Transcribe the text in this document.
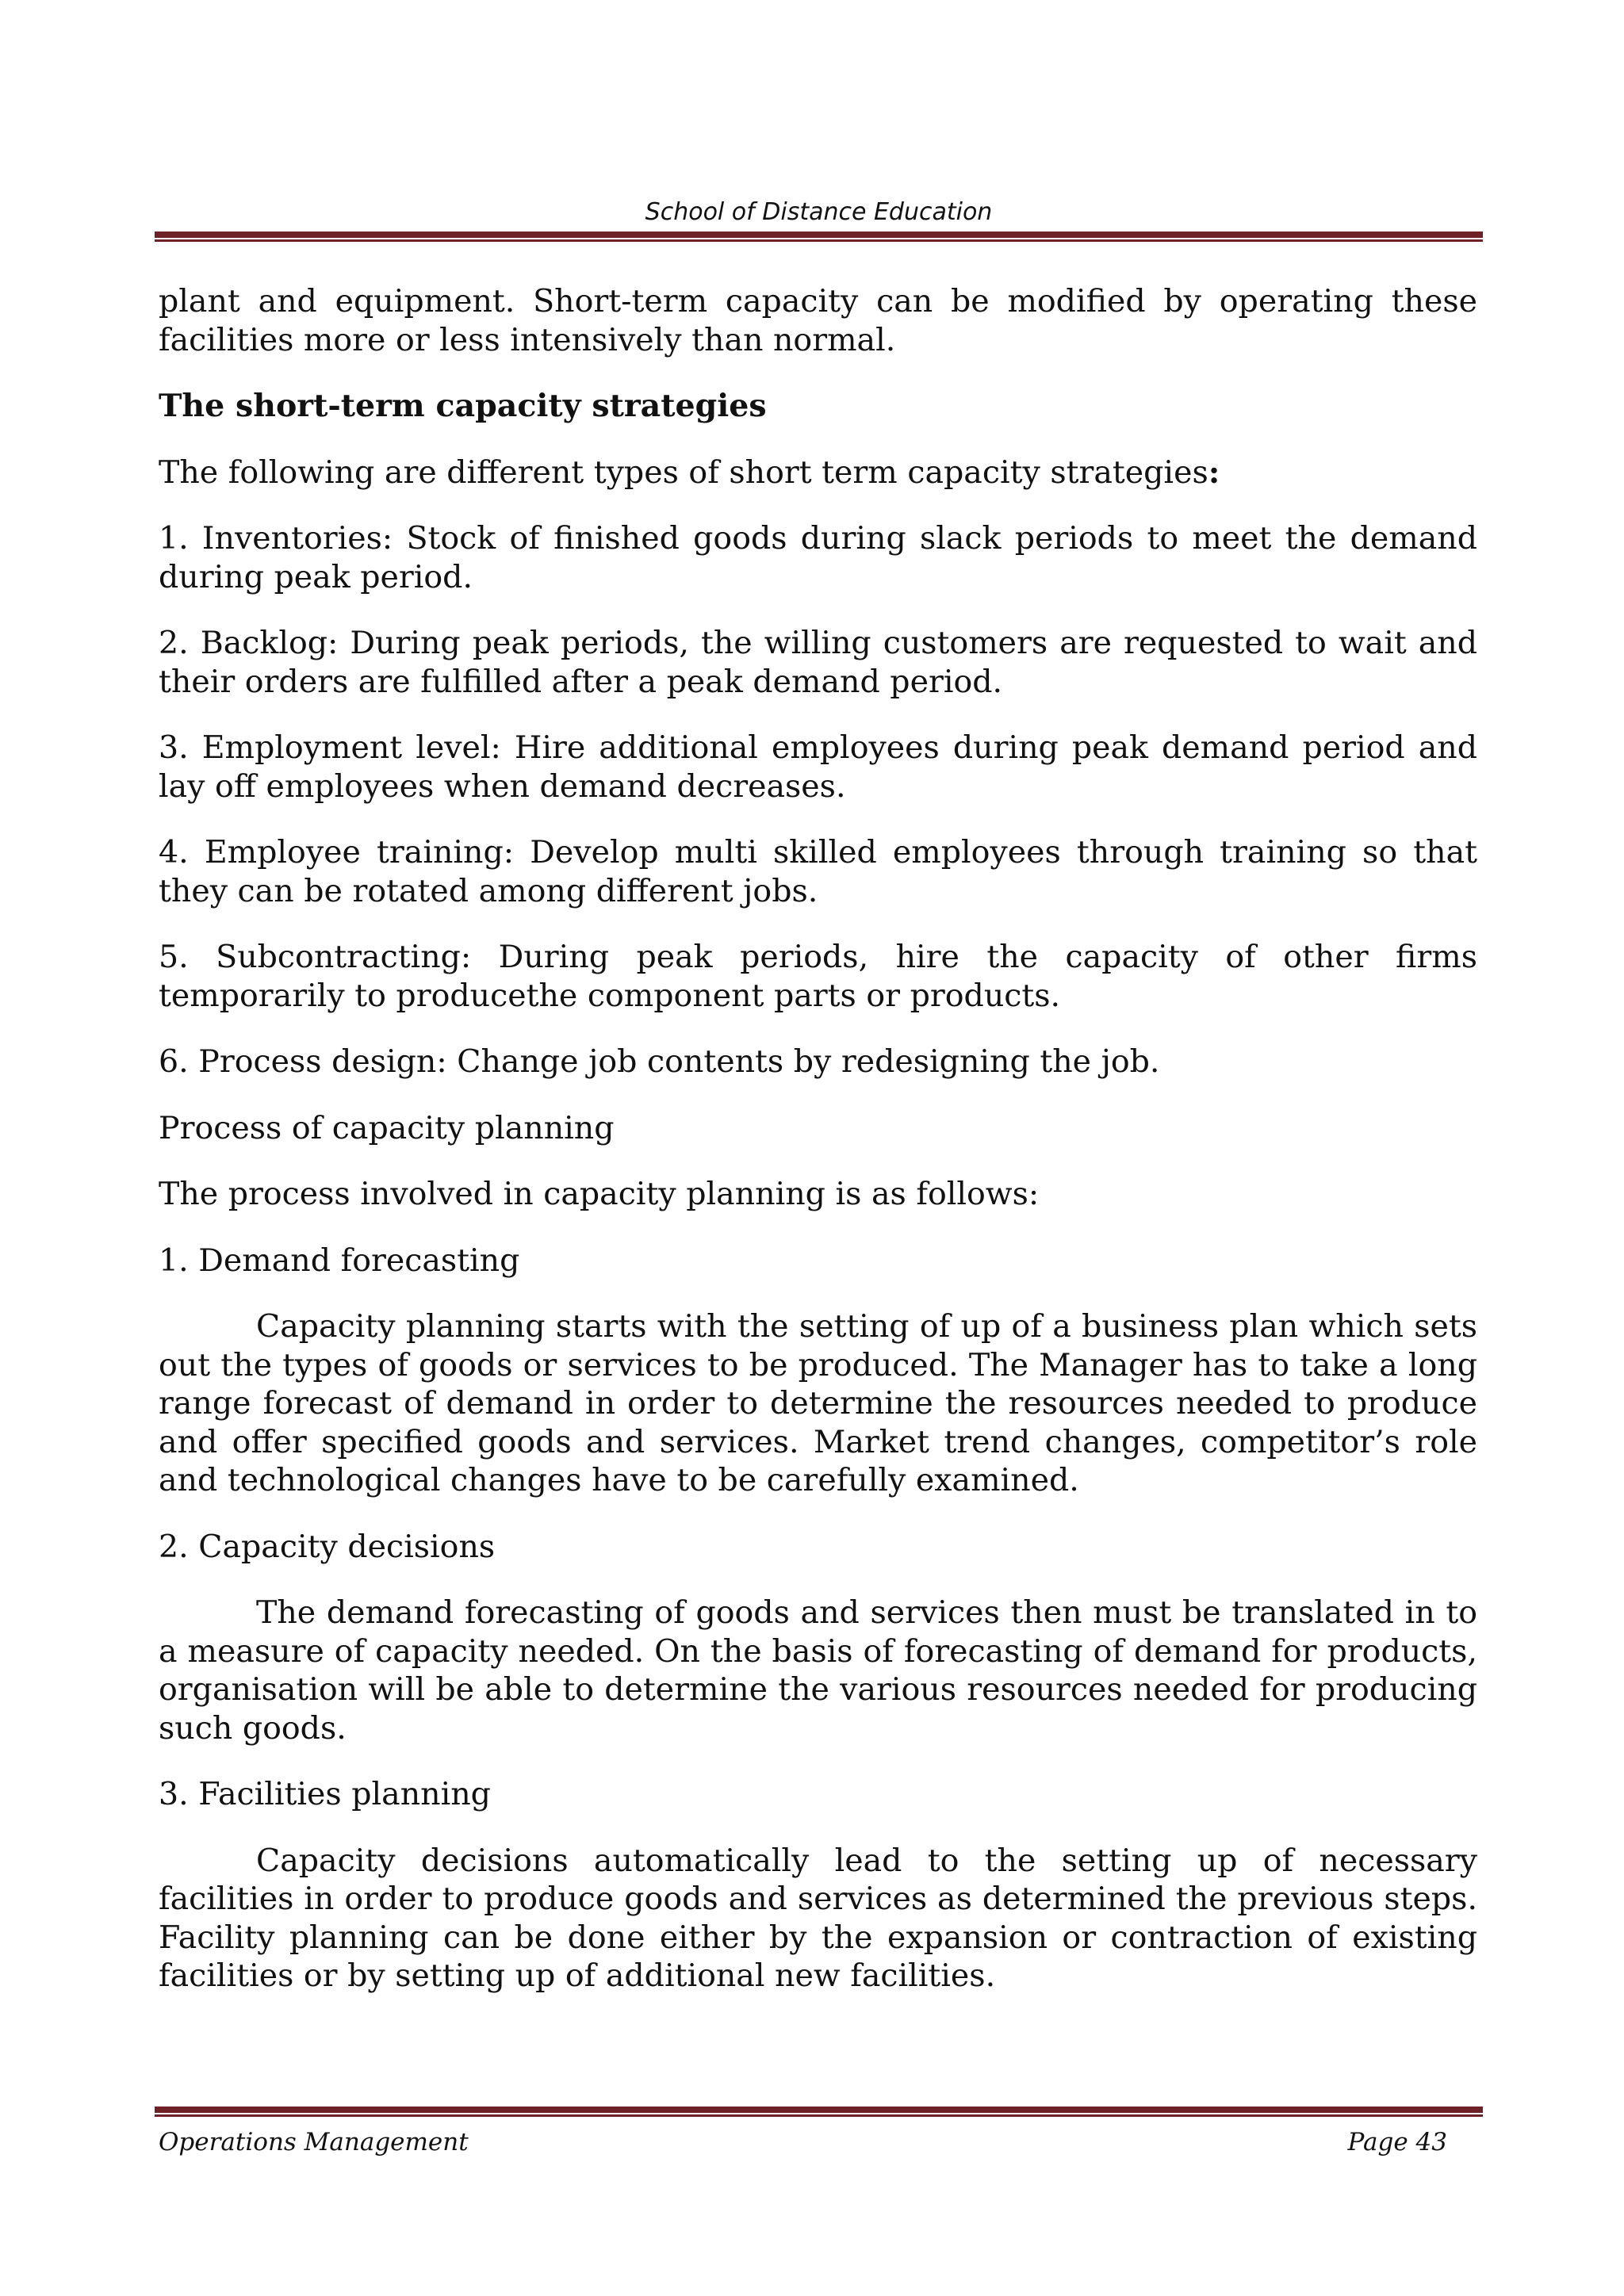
School of Distance Education

plant and equipment. Short-term capacity can be modified by operating these facilities more or less intensively than normal.

The short-term capacity strategies

The following are different types of short term capacity strategies:

1. Inventories: Stock of finished goods during slack periods to meet the demand during peak period.

2. Backlog: During peak periods, the willing customers are requested to wait and their orders are fulfilled after a peak demand period.

3. Employment level: Hire additional employees during peak demand period and lay off employees when demand decreases.

4. Employee training: Develop multi skilled employees through training so that they can be rotated among different jobs.

5. Subcontracting: During peak periods, hire the capacity of other firms temporarily to producethe component parts or products.

6. Process design: Change job contents by redesigning the job.

Process of capacity planning

The process involved in capacity planning is as follows:

1. Demand forecasting

Capacity planning starts with the setting of up of a business plan which sets out the types of goods or services to be produced. The Manager has to take a long range forecast of demand in order to determine the resources needed to produce and offer specified goods and services. Market trend changes, competitor’s role and technological changes have to be carefully examined.

2. Capacity decisions

The demand forecasting of goods and services then must be translated in to a measure of capacity needed. On the basis of forecasting of demand for products, organisation will be able to determine the various resources needed for producing such goods.

3. Facilities planning

Capacity decisions automatically lead to the setting up of necessary facilities in order to produce goods and services as determined the previous steps. Facility planning can be done either by the expansion or contraction of existing facilities or by setting up of additional new facilities.

Operations Management	Page 43
